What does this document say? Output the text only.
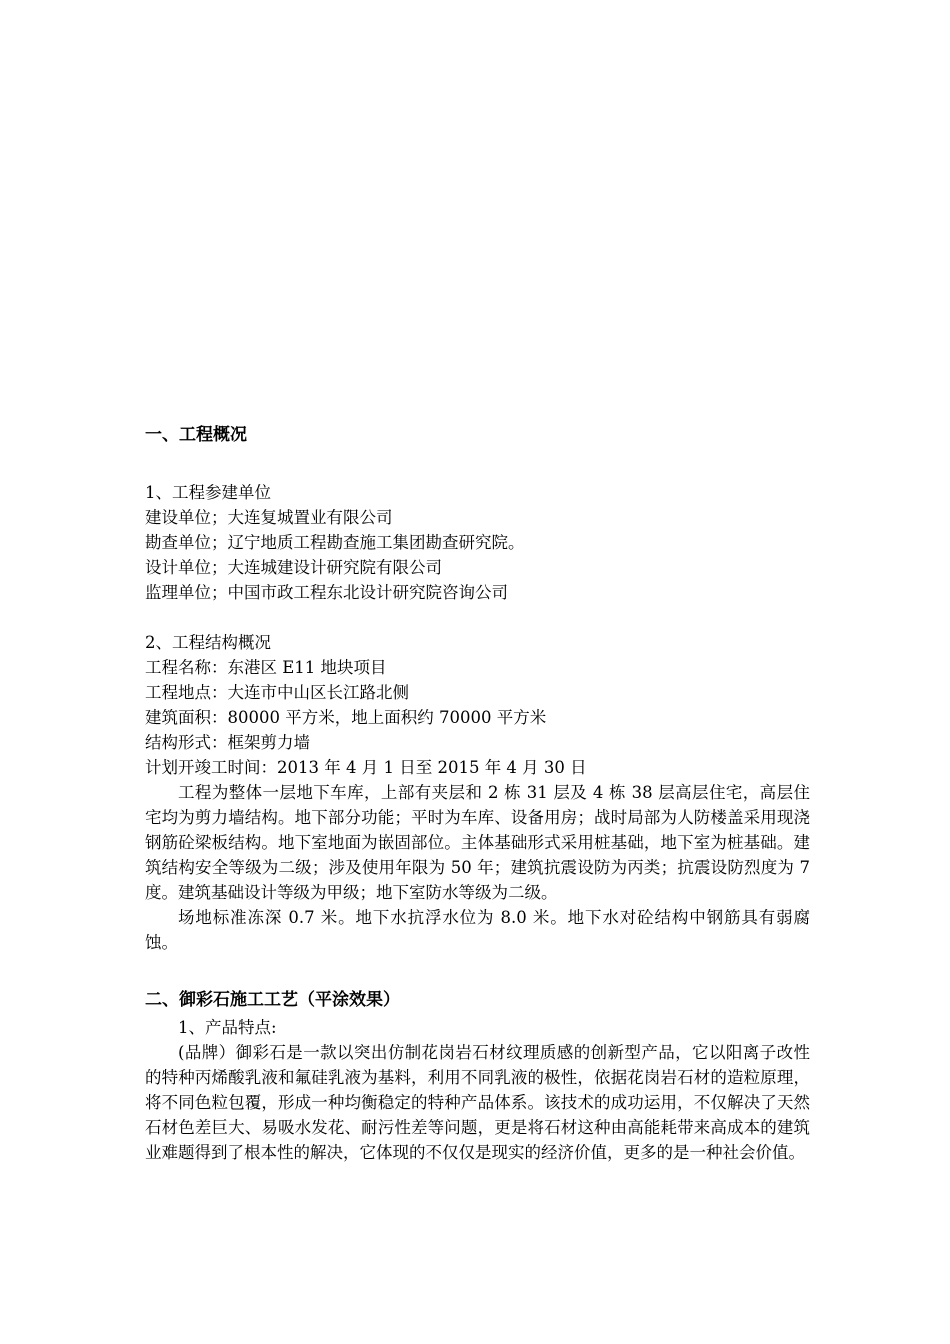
一、工程概况

1、工程参建单位

建设单位；大连复城置业有限公司

勘查单位；辽宁地质工程勘查施工集团勘查研究院。

设计单位；大连城建设计研究院有限公司

监理单位；中国市政工程东北设计研究院咨询公司

2、工程结构概况

工程名称：东港区 E11 地块项目

工程地点：大连市中山区长江路北侧

建筑面积：80000 平方米，地上面积约 70000 平方米

结构形式：框架剪力墙

计划开竣工时间：2013 年 4 月 1 日至 2015 年 4 月 30 日

工程为整体一层地下车库，上部有夹层和 2 栋 31 层及 4 栋 38 层高层住宅，高层住宅均为剪力墙结构。地下部分功能；平时为车库、设备用房；战时局部为人防楼盖采用现浇钢筋砼梁板结构。地下室地面为嵌固部位。主体基础形式采用桩基础，地下室为桩基础。建筑结构安全等级为二级；涉及使用年限为 50 年；建筑抗震设防为丙类；抗震设防烈度为 7 度。建筑基础设计等级为甲级；地下室防水等级为二级。

场地标准冻深 0.7 米。地下水抗浮水位为 8.0 米。地下水对砼结构中钢筋具有弱腐蚀。

二、御彩石施工工艺（平涂效果）

1、产品特点:

(品牌）御彩石是一款以突出仿制花岗岩石材纹理质感的创新型产品，它以阳离子改性的特种丙烯酸乳液和氟硅乳液为基料，利用不同乳液的极性，依据花岗岩石材的造粒原理，将不同色粒包覆，形成一种均衡稳定的特种产品体系。该技术的成功运用，不仅解决了天然石材色差巨大、易吸水发花、耐污性差等问题，更是将石材这种由高能耗带来高成本的建筑业难题得到了根本性的解决，它体现的不仅仅是现实的经济价值，更多的是一种社会价值。
